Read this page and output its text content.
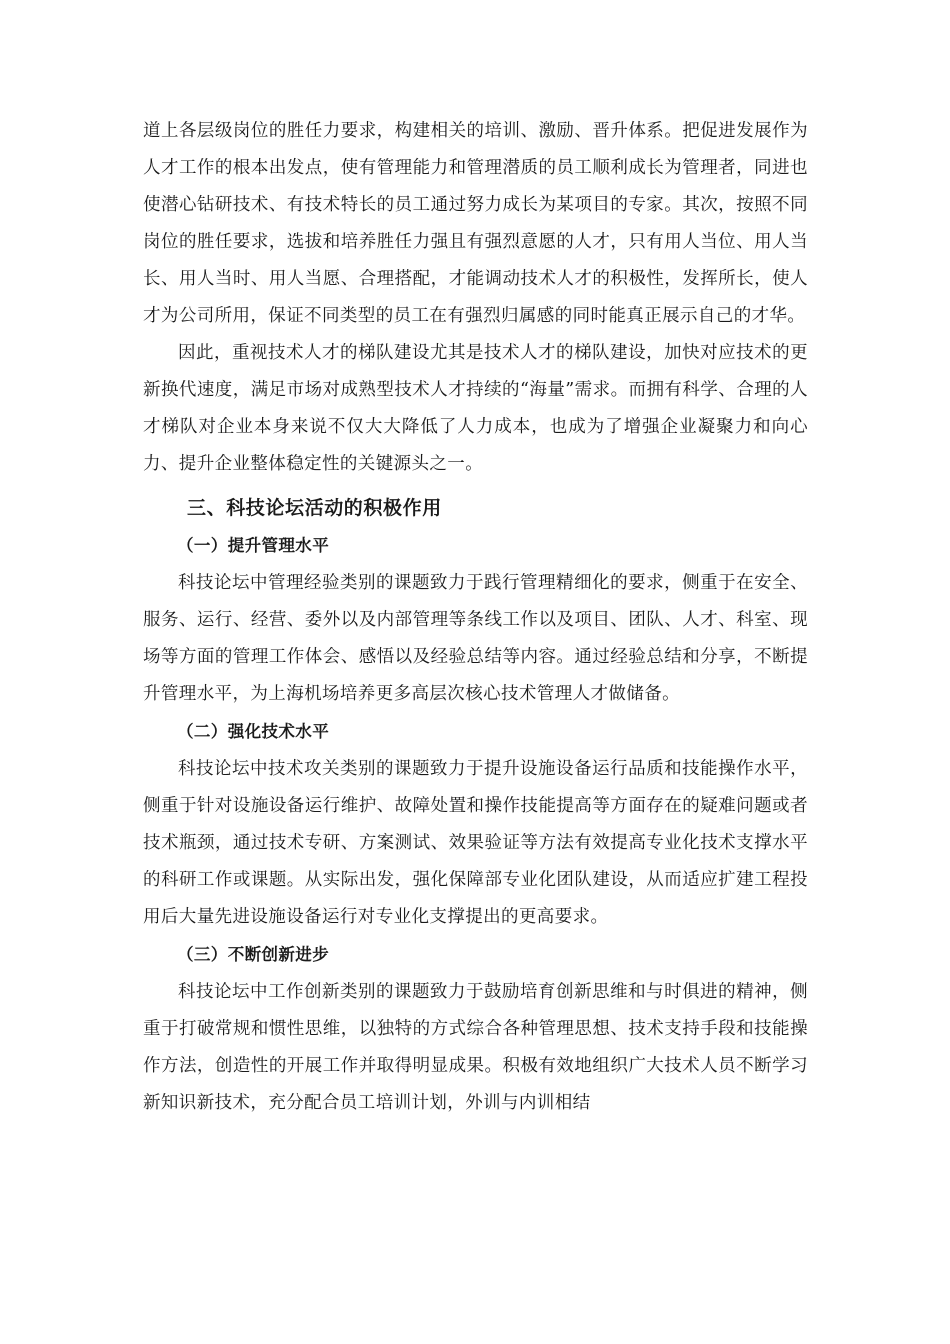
道上各层级岗位的胜任力要求，构建相关的培训、激励、晋升体系。把促进发展作为人才工作的根本出发点，使有管理能力和管理潜质的员工顺利成长为管理者，同进也使潜心钻研技术、有技术特长的员工通过努力成长为某项目的专家。其次，按照不同岗位的胜任要求，选拔和培养胜任力强且有强烈意愿的人才，只有用人当位、用人当长、用人当时、用人当愿、合理搭配，才能调动技术人才的积极性，发挥所长，使人才为公司所用，保证不同类型的员工在有强烈归属感的同时能真正展示自己的才华。

因此，重视技术人才的梯队建设尤其是技术人才的梯队建设，加快对应技术的更新换代速度，满足市场对成熟型技术人才持续的“海量”需求。而拥有科学、合理的人才梯队对企业本身来说不仅大大降低了人力成本，也成为了增强企业凝聚力和向心力、提升企业整体稳定性的关键源头之一。

三、科技论坛活动的积极作用
（一）提升管理水平

科技论坛中管理经验类别的课题致力于践行管理精细化的要求，侧重于在安全、服务、运行、经营、委外以及内部管理等条线工作以及项目、团队、人才、科室、现场等方面的管理工作体会、感悟以及经验总结等内容。通过经验总结和分享，不断提升管理水平，为上海机场培养更多高层次核心技术管理人才做储备。

（二）强化技术水平

科技论坛中技术攻关类别的课题致力于提升设施设备运行品质和技能操作水平，侧重于针对设施设备运行维护、故障处置和操作技能提高等方面存在的疑难问题或者技术瓶颈，通过技术专研、方案测试、效果验证等方法有效提高专业化技术支撑水平的科研工作或课题。从实际出发，强化保障部专业化团队建设，从而适应扩建工程投用后大量先进设施设备运行对专业化支撑提出的更高要求。

（三）不断创新进步

科技论坛中工作创新类别的课题致力于鼓励培育创新思维和与时俱进的精神，侧重于打破常规和惯性思维，以独特的方式综合各种管理思想、技术支持手段和技能操作方法，创造性的开展工作并取得明显成果。积极有效地组织广大技术人员不断学习新知识新技术，充分配合员工培训计划，外训与内训相结
